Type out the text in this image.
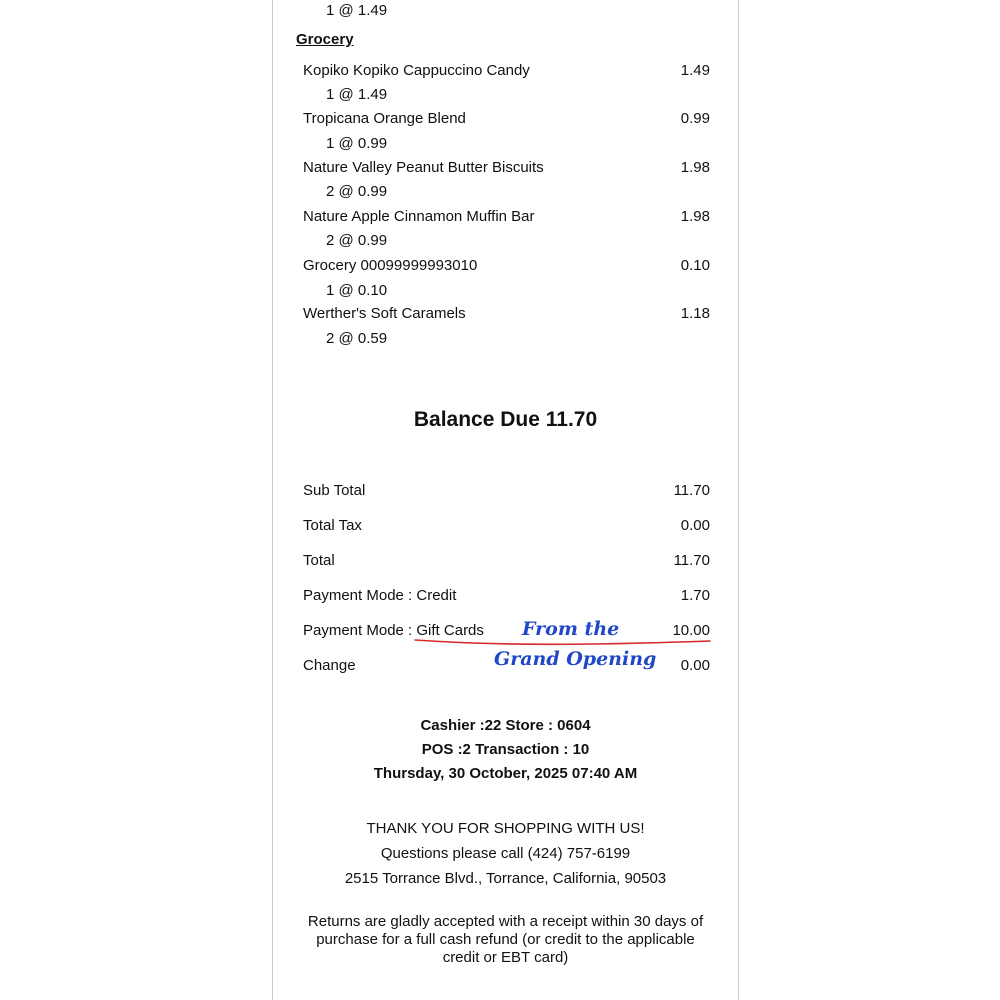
1 @ 1.49
Grocery
Kopiko Kopiko Cappuccino Candy	1.49
1 @ 1.49
Tropicana Orange Blend	0.99
1 @ 0.99
Nature Valley Peanut Butter Biscuits	1.98
2 @ 0.99
Nature Apple Cinnamon Muffin Bar	1.98
2 @ 0.99
Grocery 00099999993010	0.10
1 @ 0.10
Werther's Soft Caramels	1.18
2 @ 0.59
Balance Due 11.70
Sub Total	11.70
Total Tax	0.00
Total	11.70
Payment Mode : Credit	1.70
Payment Mode : Gift Cards	10.00
Change	0.00
From the
Grand Opening
Cashier :22 Store : 0604
POS :2 Transaction : 10
Thursday, 30 October, 2025 07:40 AM
THANK YOU FOR SHOPPING WITH US!
Questions please call (424) 757-6199
2515 Torrance Blvd., Torrance, California, 90503
Returns are gladly accepted with a receipt within 30 days of purchase for a full cash refund (or credit to the applicable credit or EBT card)
